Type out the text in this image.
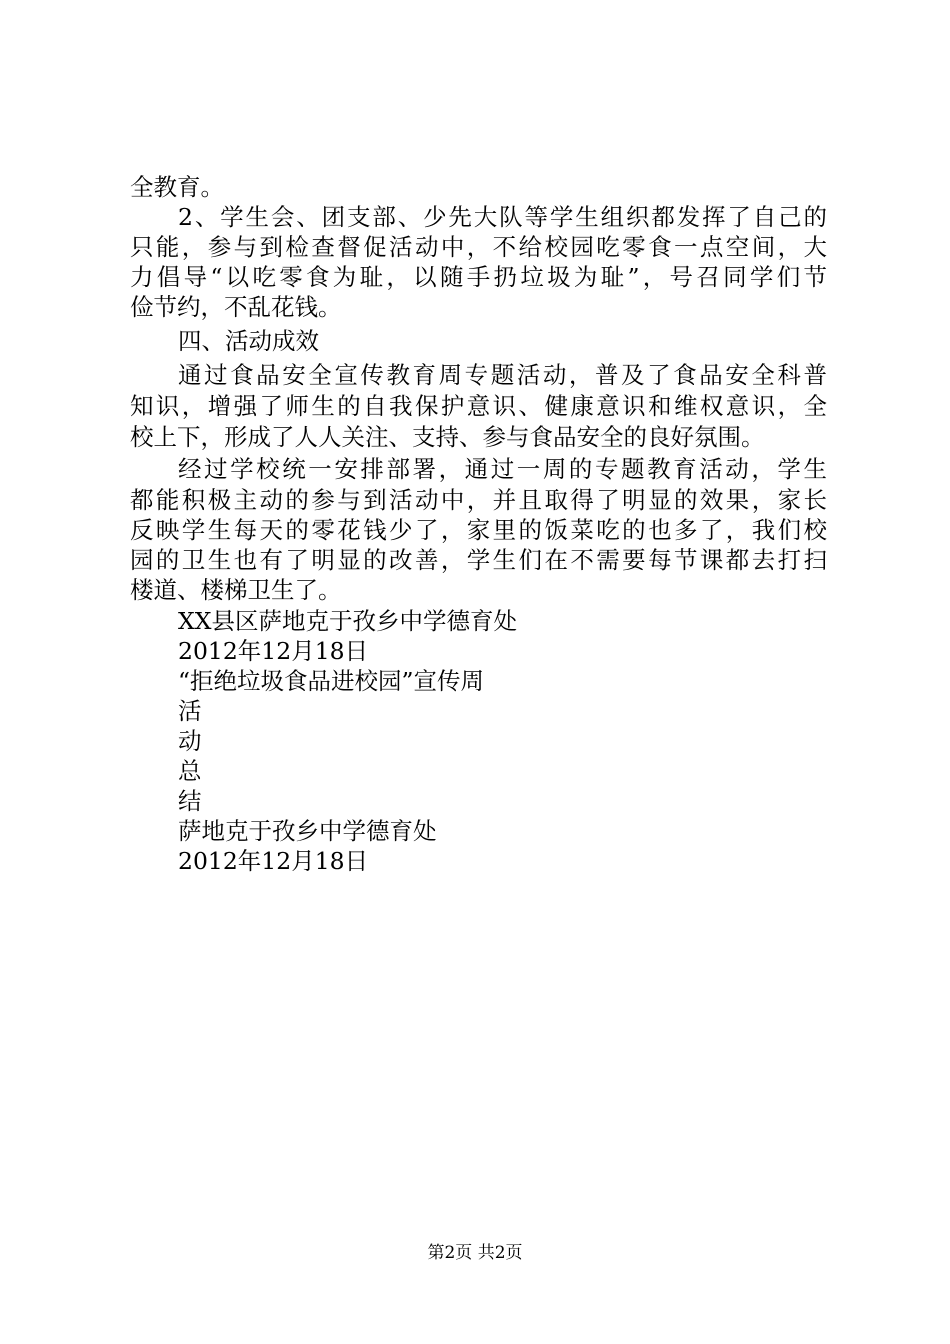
全教育。
2、学生会、团支部、少先大队等学生组织都发挥了自己的
只能，参与到检查督促活动中，不给校园吃零食一点空间，大
力倡导“以吃零食为耻，以随手扔垃圾为耻”，号召同学们节
俭节约，不乱花钱。
四、活动成效
通过食品安全宣传教育周专题活动，普及了食品安全科普
知识，增强了师生的自我保护意识、健康意识和维权意识，全
校上下，形成了人人关注、支持、参与食品安全的良好氛围。
经过学校统一安排部署，通过一周的专题教育活动，学生
都能积极主动的参与到活动中，并且取得了明显的效果，家长
反映学生每天的零花钱少了，家里的饭菜吃的也多了，我们校
园的卫生也有了明显的改善，学生们在不需要每节课都去打扫
楼道、楼梯卫生了。
XX县区萨地克于孜乡中学德育处
2012年12月18日
“拒绝垃圾食品进校园”宣传周
活
动
总
结
萨地克于孜乡中学德育处
2012年12月18日
第2页 共2页
